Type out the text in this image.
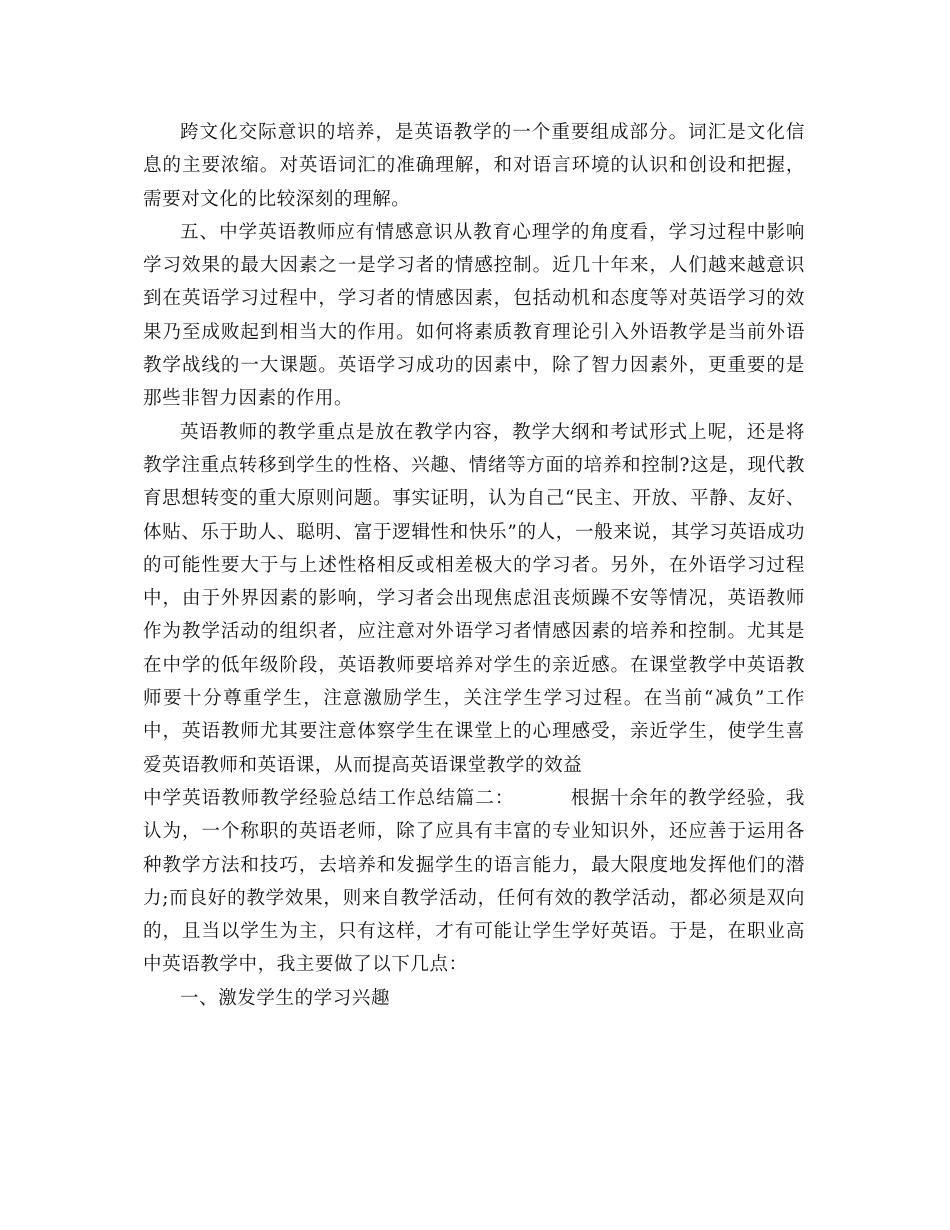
跨文化交际意识的培养，是英语教学的一个重要组成部分。词汇是文化信息的主要浓缩。对英语词汇的准确理解，和对语言环境的认识和创设和把握，需要对文化的比较深刻的理解。

五、中学英语教师应有情感意识从教育心理学的角度看，学习过程中影响学习效果的最大因素之一是学习者的情感控制。近几十年来，人们越来越意识到在英语学习过程中，学习者的情感因素，包括动机和态度等对英语学习的效果乃至成败起到相当大的作用。如何将素质教育理论引入外语教学是当前外语教学战线的一大课题。英语学习成功的因素中，除了智力因素外，更重要的是那些非智力因素的作用。

英语教师的教学重点是放在教学内容，教学大纲和考试形式上呢，还是将教学注重点转移到学生的性格、兴趣、情绪等方面的培养和控制?这是，现代教育思想转变的重大原则问题。事实证明，认为自己“民主、开放、平静、友好、体贴、乐于助人、聪明、富于逻辑性和快乐”的人，一般来说，其学习英语成功的可能性要大于与上述性格相反或相差极大的学习者。另外，在外语学习过程中，由于外界因素的影响，学习者会出现焦虑沮丧烦躁不安等情况，英语教师作为教学活动的组织者，应注意对外语学习者情感因素的培养和控制。尤其是在中学的低年级阶段，英语教师要培养对学生的亲近感。在课堂教学中英语教师要十分尊重学生，注意激励学生，关注学生学习过程。在当前“减负”工作中，英语教师尤其要注意体察学生在课堂上的心理感受，亲近学生，使学生喜爱英语教师和英语课，从而提高英语课堂教学的效益

中学英语教师教学经验总结工作总结篇二：	根据十余年的教学经验，我认为，一个称职的英语老师，除了应具有丰富的专业知识外，还应善于运用各种教学方法和技巧，去培养和发掘学生的语言能力，最大限度地发挥他们的潜力;而良好的教学效果，则来自教学活动，任何有效的教学活动，都必须是双向的，且当以学生为主，只有这样，才有可能让学生学好英语。于是，在职业高中英语教学中，我主要做了以下几点：

一、激发学生的学习兴趣
